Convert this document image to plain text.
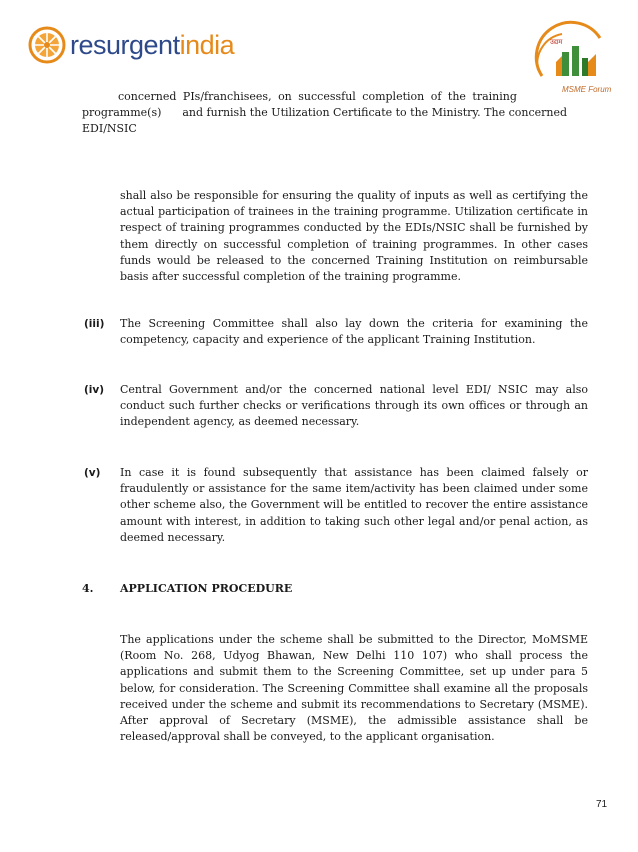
resurgentindia	उद्यम
MSME Forum
concerned PIs/franchisees, on successful completion of the training
programme(s)      and furnish the Utilization Certificate to the Ministry. The concerned
EDI/NSIC
shall also be responsible for ensuring the quality of inputs as well as certifying the actual participation of trainees in the training programme. Utilization certificate in respect of training programmes conducted by the EDIs/NSIC shall be furnished by them directly on successful completion of training programmes. In other cases funds would be released to the concerned Training Institution on reimbursable basis after successful completion of the training programme.
(iii) The Screening Committee shall also lay down the criteria for examining the competency, capacity and experience of the applicant Training Institution.
(iv) Central Government and/or the concerned national level EDI/ NSIC may also conduct such further checks or verifications through its own offices or through an independent agency, as deemed necessary.
(v) In case it is found subsequently that assistance has been claimed falsely or fraudulently or assistance for the same item/activity has been claimed under some other scheme also, the Government will be entitled to recover the entire assistance amount with interest, in addition to taking such other legal and/or penal action, as deemed necessary.
4. APPLICATION PROCEDURE
The applications under the scheme shall be submitted to the Director, MoMSME (Room No. 268, Udyog Bhawan, New Delhi 110 107) who shall process the applications and submit them to the Screening Committee, set up under para 5 below, for consideration. The Screening Committee shall examine all the proposals received under the scheme and submit its recommendations to Secretary (MSME). After approval of Secretary (MSME), the admissible assistance shall be released/approval shall be conveyed, to the applicant organisation.
71
